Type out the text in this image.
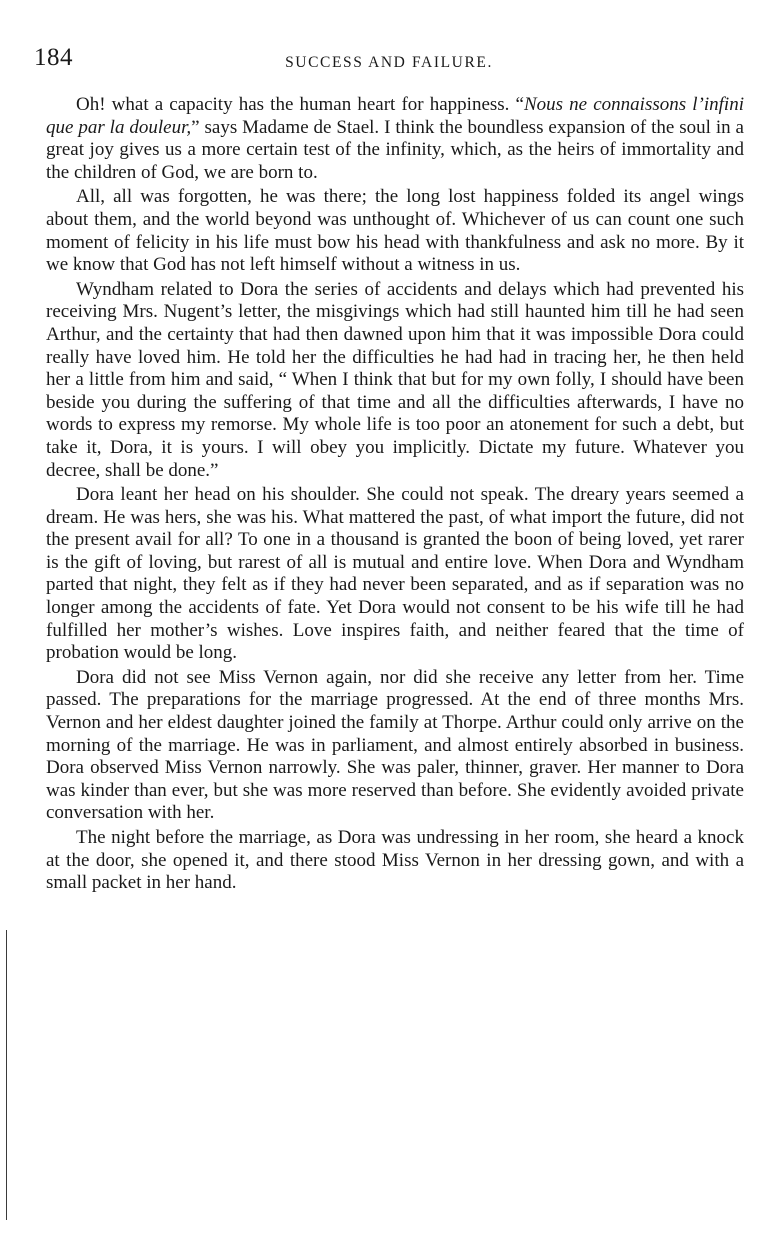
184	SUCCESS AND FAILURE.

Oh! what a capacity has the human heart for happiness. “Nous ne connaissons l’infini que par la douleur,” says Madame de Stael. I think the boundless expansion of the soul in a great joy gives us a more certain test of the infinity, which, as the heirs of immortality and the children of God, we are born to.

All, all was forgotten, he was there; the long lost happiness folded its angel wings about them, and the world beyond was unthought of. Whichever of us can count one such moment of felicity in his life must bow his head with thankfulness and ask no more. By it we know that God has not left himself without a witness in us.

Wyndham related to Dora the series of accidents and delays which had prevented his receiving Mrs. Nugent’s letter, the misgivings which had still haunted him till he had seen Arthur, and the certainty that had then dawned upon him that it was impossible Dora could really have loved him. He told her the difficulties he had had in tracing her, he then held her a little from him and said, “ When I think that but for my own folly, I should have been beside you during the suffering of that time and all the difficulties afterwards, I have no words to express my remorse. My whole life is too poor an atonement for such a debt, but take it, Dora, it is yours. I will obey you implicitly. Dictate my future. Whatever you decree, shall be done.”

Dora leant her head on his shoulder. She could not speak. The dreary years seemed a dream. He was hers, she was his. What mattered the past, of what import the future, did not the present avail for all? To one in a thousand is granted the boon of being loved, yet rarer is the gift of loving, but rarest of all is mutual and entire love. When Dora and Wyndham parted that night, they felt as if they had never been separated, and as if separation was no longer among the accidents of fate. Yet Dora would not consent to be his wife till he had fulfilled her mother’s wishes. Love inspires faith, and neither feared that the time of probation would be long.

Dora did not see Miss Vernon again, nor did she receive any letter from her. Time passed. The preparations for the marriage progressed. At the end of three months Mrs. Vernon and her eldest daughter joined the family at Thorpe. Arthur could only arrive on the morning of the marriage. He was in parliament, and almost entirely absorbed in business. Dora observed Miss Vernon narrowly. She was paler, thinner, graver. Her manner to Dora was kinder than ever, but she was more reserved than before. She evidently avoided private conversation with her.

The night before the marriage, as Dora was undressing in her room, she heard a knock at the door, she opened it, and there stood Miss Vernon in her dressing gown, and with a small packet in her hand.
